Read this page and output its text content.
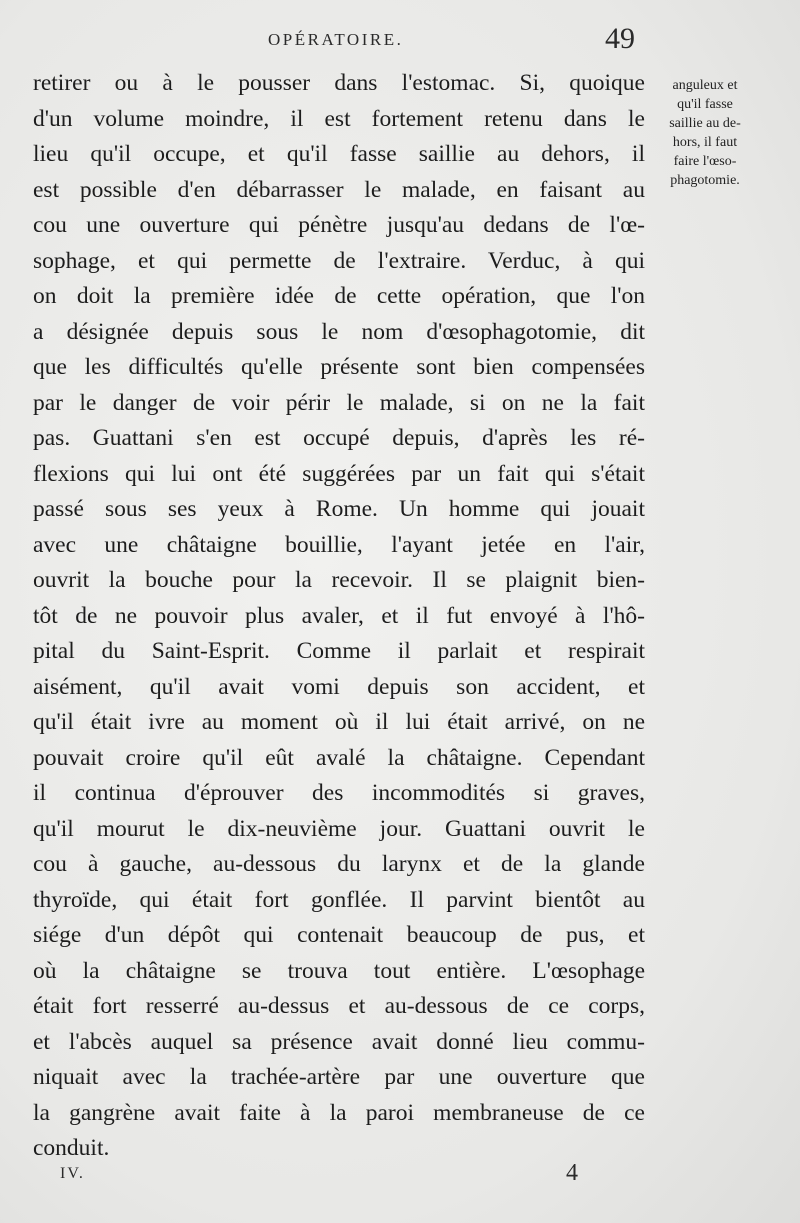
OPÉRATOIRE.	49
retirer ou à le pousser dans l'estomac. Si, quoique
d'un volume moindre, il est fortement retenu dans le
lieu qu'il occupe, et qu'il fasse saillie au dehors, il
est possible d'en débarrasser le malade, en faisant au
cou une ouverture qui pénètre jusqu'au dedans de l'œ-
sophage, et qui permette de l'extraire. Verduc, à qui
on doit la première idée de cette opération, que l'on
a désignée depuis sous le nom d'œsophagotomie, dit
que les difficultés qu'elle présente sont bien compensées
par le danger de voir périr le malade, si on ne la fait
pas. Guattani s'en est occupé depuis, d'après les ré-
flexions qui lui ont été suggérées par un fait qui s'était
passé sous ses yeux à Rome. Un homme qui jouait
avec une châtaigne bouillie, l'ayant jetée en l'air,
ouvrit la bouche pour la recevoir. Il se plaignit bien-
tôt de ne pouvoir plus avaler, et il fut envoyé à l'hô-
pital du Saint-Esprit. Comme il parlait et respirait
aisément, qu'il avait vomi depuis son accident, et
qu'il était ivre au moment où il lui était arrivé, on ne
pouvait croire qu'il eût avalé la châtaigne. Cependant
il continua d'éprouver des incommodités si graves,
qu'il mourut le dix-neuvième jour. Guattani ouvrit le
cou à gauche, au-dessous du larynx et de la glande
thyroïde, qui était fort gonflée. Il parvint bientôt au
siége d'un dépôt qui contenait beaucoup de pus, et
où la châtaigne se trouva tout entière. L'œsophage
était fort resserré au-dessus et au-dessous de ce corps,
et l'abcès auquel sa présence avait donné lieu commu-
niquait avec la trachée-artère par une ouverture que
la gangrène avait faite à la paroi membraneuse de ce
conduit.
anguleux et
qu'il fasse
saillie au de-
hors, il faut
faire l'œso-
phagotomie.
IV.	4
